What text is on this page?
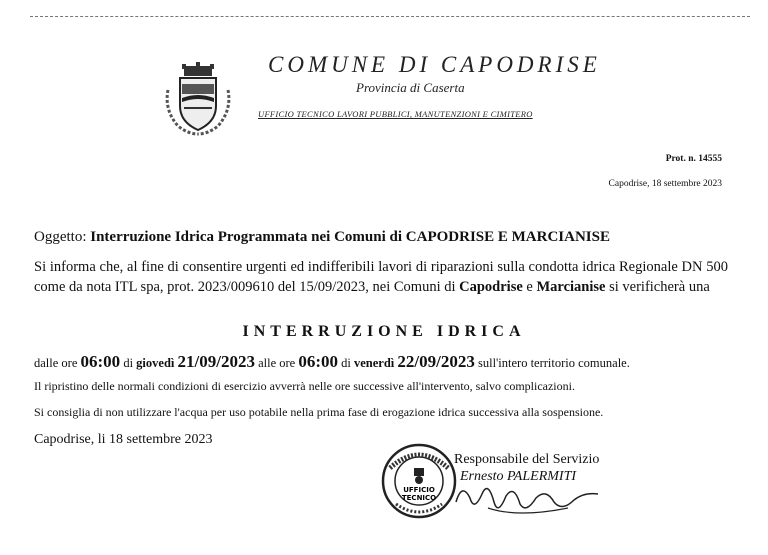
COMUNE DI CAPODRISE
Provincia di Caserta
UFFICIO TECNICO LAVORI PUBBLICI, MANUTENZIONI E CIMITERO
Prot. n. 14555
Capodrise, 18 settembre 2023
Oggetto: Interruzione Idrica Programmata nei Comuni di CAPODRISE E MARCIANISE
Si informa che, al fine di consentire urgenti ed indifferibili lavori di riparazioni sulla condotta idrica Regionale DN 500 come da nota ITL spa, prot. 2023/009610 del 15/09/2023, nei Comuni di Capodrise e Marcianise si verificherà una
INTERRUZIONE IDRICA
dalle ore 06:00 di giovedì 21/09/2023 alle ore 06:00 di venerdì 22/09/2023 sull'intero territorio comunale.
Il ripristino delle normali condizioni di esercizio avverrà nelle ore successive all'intervento, salvo complicazioni.
Si consiglia di non utilizzare l'acqua per uso potabile nella prima fase di erogazione idrica successiva alla sospensione.
Capodrise, li 18 settembre 2023
UFFICIO
TECNICO
Responsabile del Servizio
Ernesto PALERMITI
